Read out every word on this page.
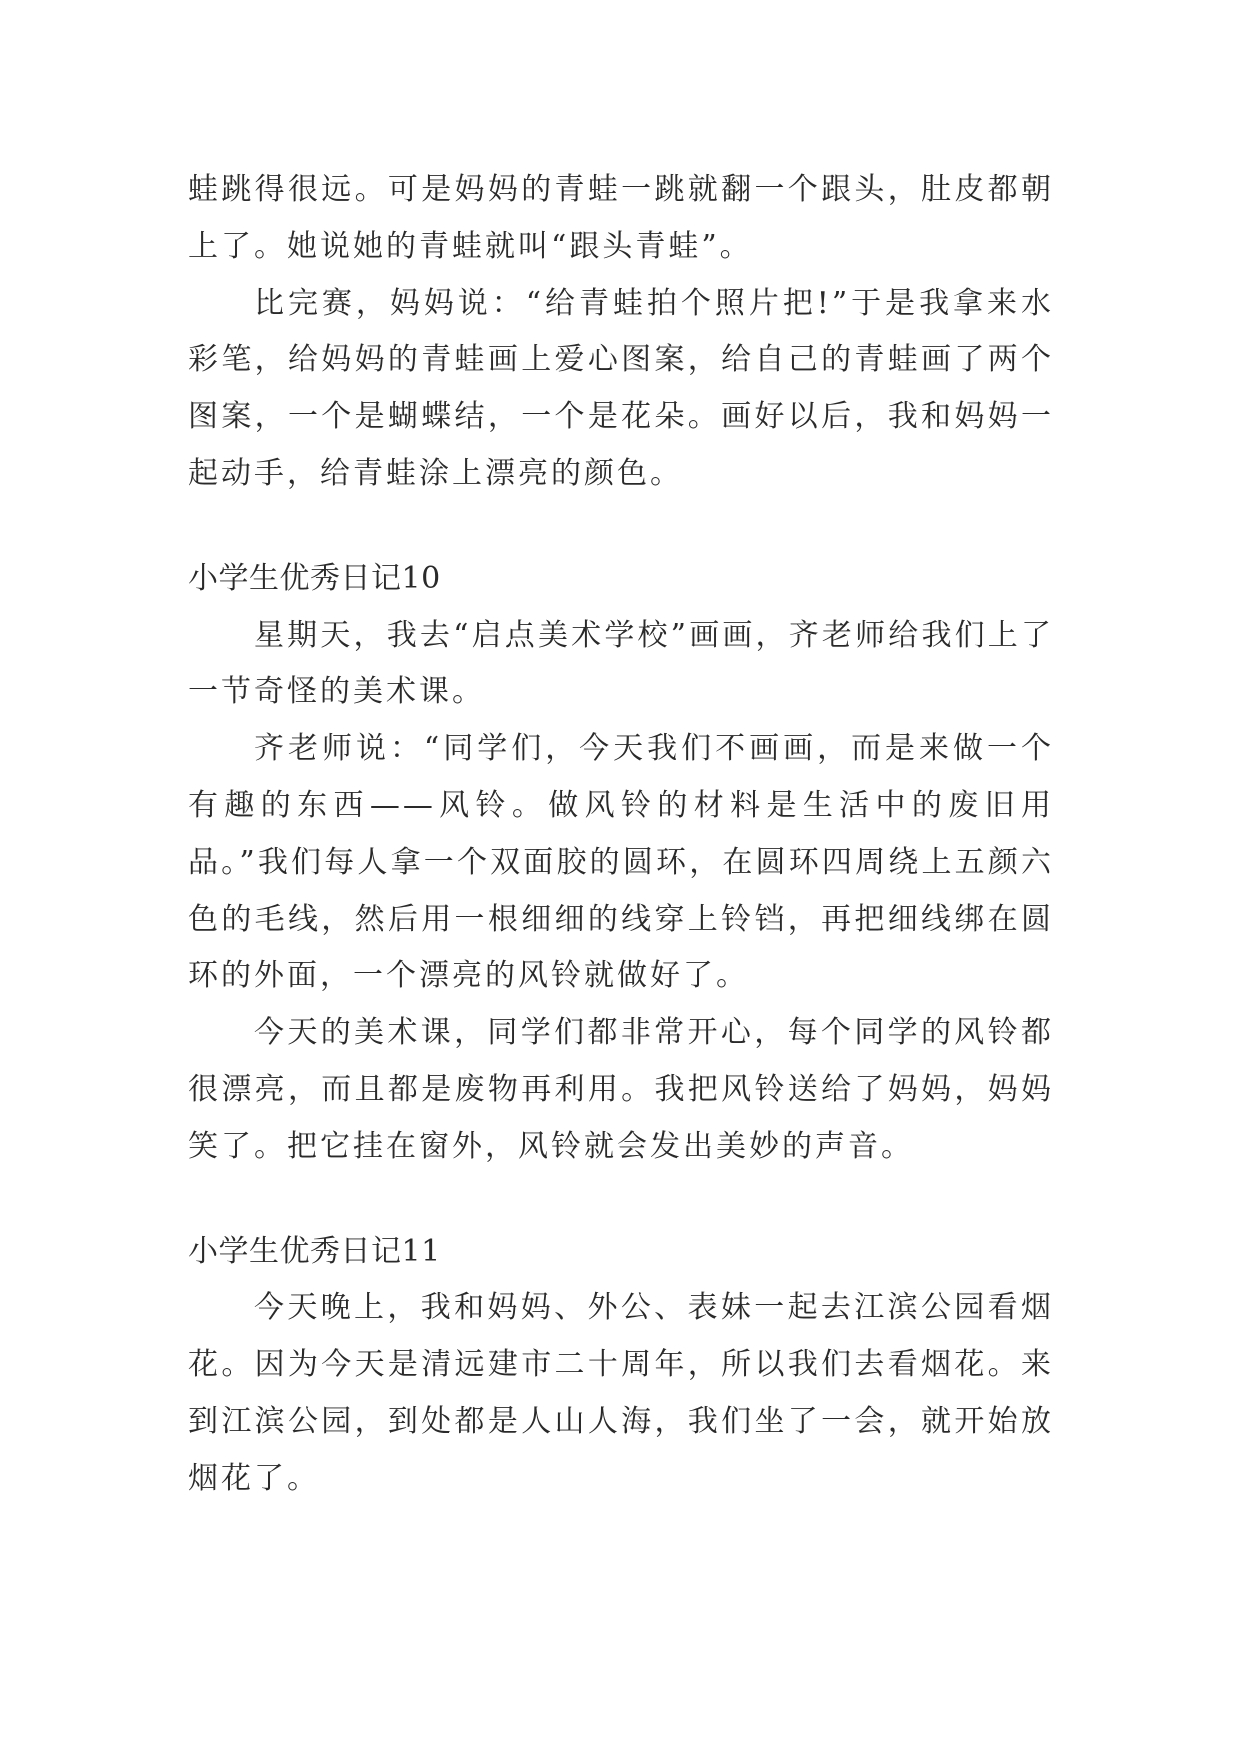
蛙跳得很远。可是妈妈的青蛙一跳就翻一个跟头，肚皮都朝上了。她说她的青蛙就叫“跟头青蛙”。

比完赛，妈妈说：“给青蛙拍个照片把!”于是我拿来水彩笔，给妈妈的青蛙画上爱心图案，给自己的青蛙画了两个图案，一个是蝴蝶结，一个是花朵。画好以后，我和妈妈一起动手，给青蛙涂上漂亮的颜色。

小学生优秀日记10

星期天，我去“启点美术学校”画画，齐老师给我们上了一节奇怪的美术课。

齐老师说：“同学们，今天我们不画画，而是来做一个有趣的东西——风铃。做风铃的材料是生活中的废旧用品。”我们每人拿一个双面胶的圆环，在圆环四周绕上五颜六色的毛线，然后用一根细细的线穿上铃铛，再把细线绑在圆环的外面，一个漂亮的风铃就做好了。

今天的美术课，同学们都非常开心，每个同学的风铃都很漂亮，而且都是废物再利用。我把风铃送给了妈妈，妈妈笑了。把它挂在窗外，风铃就会发出美妙的声音。

小学生优秀日记11

今天晚上，我和妈妈、外公、表妹一起去江滨公园看烟花。因为今天是清远建市二十周年，所以我们去看烟花。来到江滨公园，到处都是人山人海，我们坐了一会，就开始放烟花了。
